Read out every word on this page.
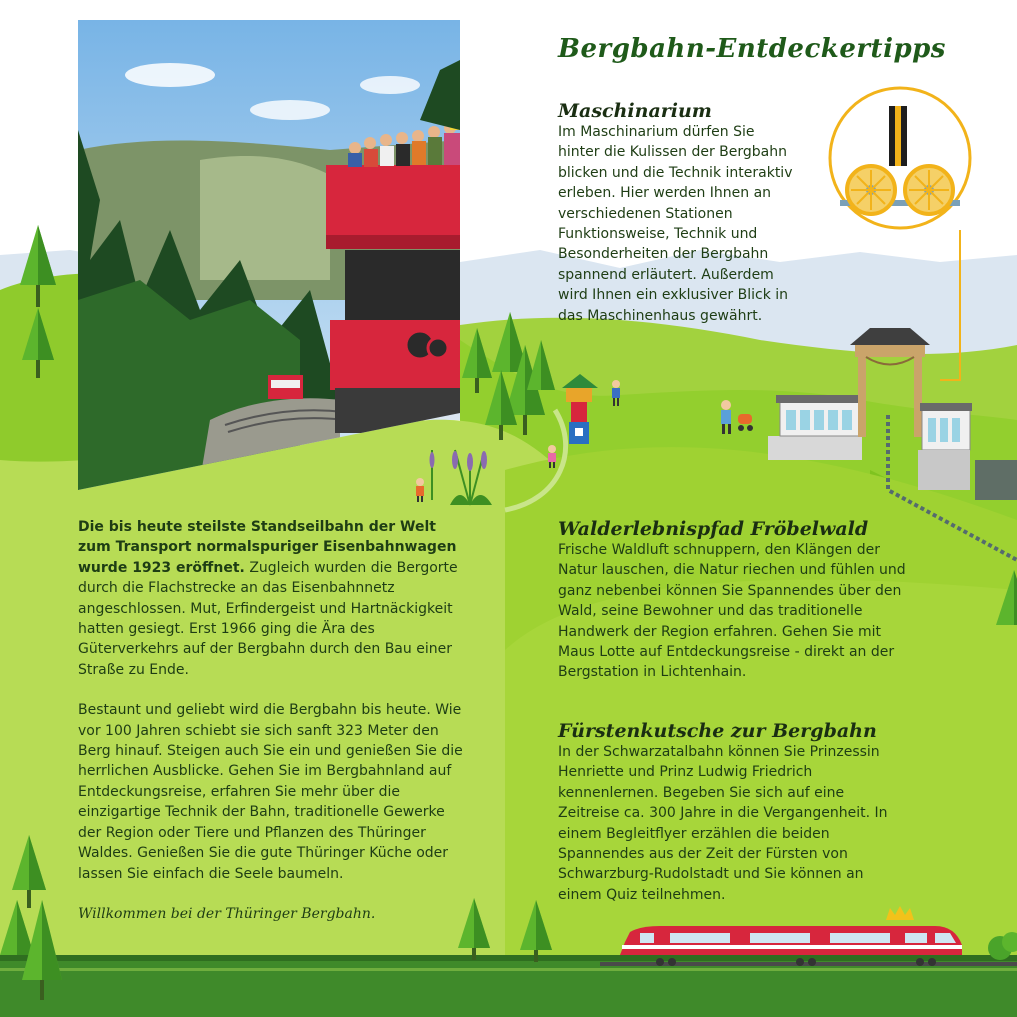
Bergbahn-Entdeckertipps
Maschinarium

Im Maschinarium dürfen Sie hinter die Kulissen der Bergbahn blicken und die Technik interaktiv erleben. Hier werden Ihnen an verschiedenen Stationen Funktionsweise, Technik und Besonderheiten der Bergbahn spannend erläutert. Außerdem wird Ihnen ein exklusiver Blick in das Maschinenhaus gewährt.

Walderlebnispfad Fröbelwald

Frische Waldluft schnuppern, den Klängen der Natur lauschen, die Natur riechen und fühlen und ganz nebenbei können Sie Spannendes über den Wald, seine Bewohner und das traditionelle Handwerk der Region erfahren. Gehen Sie mit Maus Lotte auf Entdeckungsreise - direkt an der Bergstation in Lichtenhain.

Fürstenkutsche zur Bergbahn

In der Schwarzatalbahn können Sie Prinzessin Henriette und Prinz Ludwig Friedrich kennenlernen. Begeben Sie sich auf eine Zeitreise ca. 300 Jahre in die Vergangenheit. In einem Begleitflyer erzählen die beiden Spannendes aus der Zeit der Fürsten von Schwarzburg-Rudolstadt und Sie können an einem Quiz teilnehmen.

Die bis heute steilste Standseilbahn der Welt zum Transport normalspuriger Eisenbahnwagen wurde 1923 eröffnet. Zugleich wurden die Bergorte durch die Flachstrecke an das Eisenbahnnetz angeschlossen. Mut, Erfindergeist und Hartnäckigkeit hatten gesiegt. Erst 1966 ging die Ära des Güterverkehrs auf der Bergbahn durch den Bau einer Straße zu Ende.

Bestaunt und geliebt wird die Bergbahn bis heute. Wie vor 100 Jahren schiebt sie sich sanft 323 Meter den Berg hinauf. Steigen auch Sie ein und genießen Sie die herrlichen Ausblicke. Gehen Sie im Bergbahnland auf Entdeckungsreise, erfahren Sie mehr über die einzigartige Technik der Bahn, traditionelle Gewerke der Region oder Tiere und Pflanzen des Thüringer Waldes. Genießen Sie die gute Thüringer Küche oder lassen Sie einfach die Seele baumeln.

Willkommen bei der Thüringer Bergbahn.
